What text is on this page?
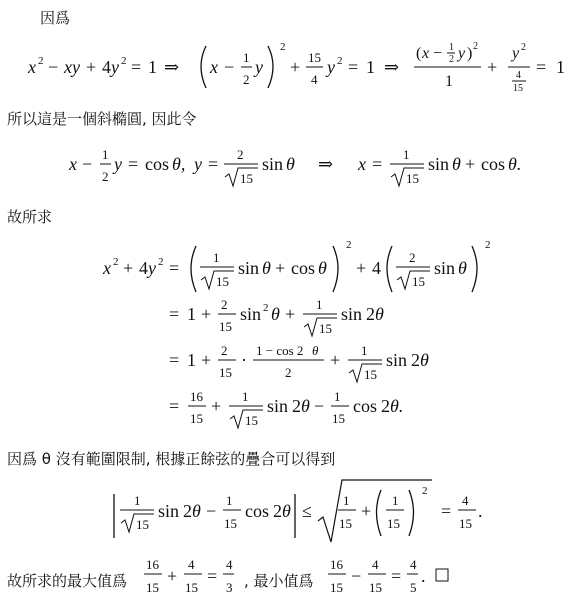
因爲
所以這是一個斜橢圓, 因此令
故所求
因爲 θ 沒有範圍限制, 根據正餘弦的疊合可以得到
故所求的最大值爲	, 最小值爲
x 2 − xy + 4 y 2 = 1 ⇒ x − 1
2
y
2
+ 15
4
y 2 = 1 ⇒
( x − 1
2 y ) 2
1
+
y 2
4
15
= 1
x − 1
2
y = cos θ, y = 2
15
sin θ ⇒ x = 1
15
sin θ + cos θ.
x 2 + 4 y 2 =
1
15
sin θ + cos θ
2
+ 4
2
15
sin θ
2
= 1 + 2
15
sin 2 θ + 1
15
sin 2 θ
= 1 + 2
15
· 1 − cos 2 θ
2
+ 1
15
sin 2 θ
= 16
15
+ 1
15
sin 2 θ − 1
15
cos 2 θ.
1
15
sin 2 θ −
1
15
cos 2 θ ≤
1
15
+
1
15
2
=
4
15
.
16
15
+
4
15
=
4
3
16
15
−
4
15
=
4
5
.
